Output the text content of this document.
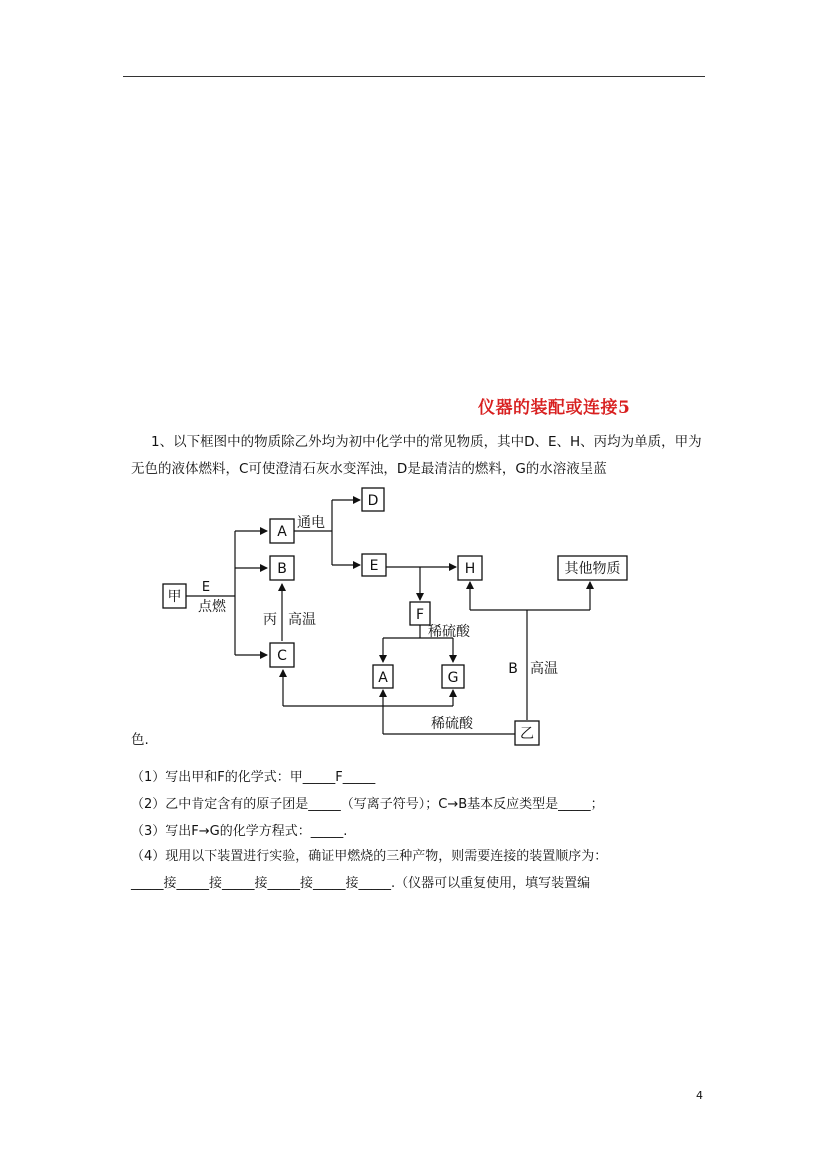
仪器的装配或连接5
1、以下框图中的物质除乙外均为初中化学中的常见物质，其中D、E、H、丙均为单质，甲为无色的液体燃料，C可使澄清石灰水变浑浊，D是最清洁的燃料，G的水溶液呈蓝
甲
A
B
C
D
E	H	其他物质
F
A	G
乙
E
点燃
通电
丙 高温
稀硫酸
B 高温
稀硫酸
色.
（1）写出甲和F的化学式：甲_____F_____
（2）乙中肯定含有的原子团是_____（写离子符号）；C→B基本反应类型是_____；
（3）写出F→G的化学方程式：_____.
（4）现用以下装置进行实验，确证甲燃烧的三种产物，则需要连接的装置顺序为：
_____接_____接_____接_____接_____接_____.（仪器可以重复使用，填写装置编
4
